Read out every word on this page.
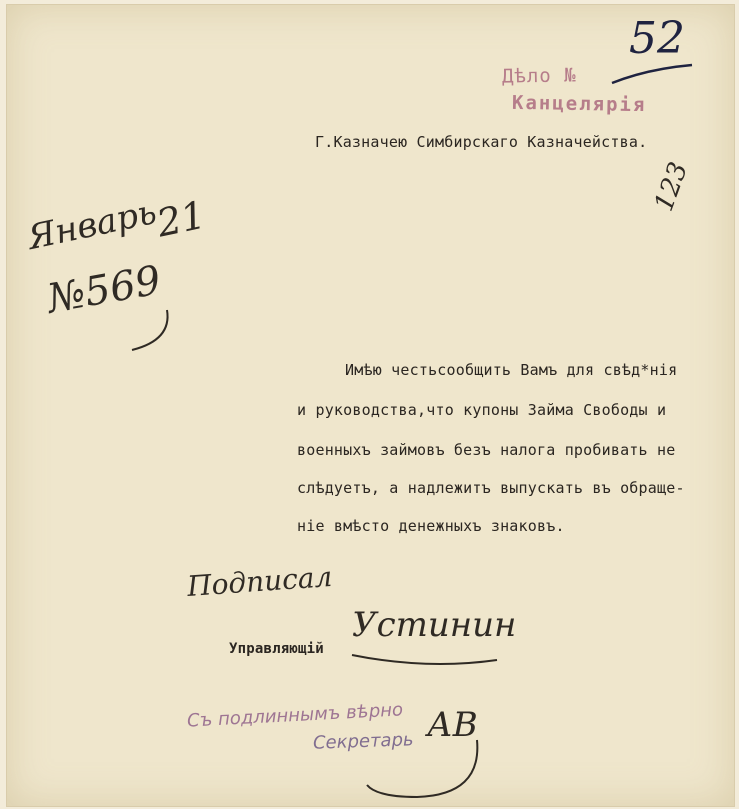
Дѣло №
Канцелярія
52
Г.Казначею Симбирскаго Казначейства.
123
Январь
21
№569
Имѣю честьсообщить Вамъ для свѣд*нія
и руководства,что купоны Займа Свободы и
военныхъ займовъ безъ налога пробивать не
слѣдуетъ, а надлежитъ выпускать въ обраще-
ніе вмѣсто денежныхъ знаковъ.
Подписал
Управляющій
Устинин
Съ подлиннымъ вѣрно
Секретарь АВ
